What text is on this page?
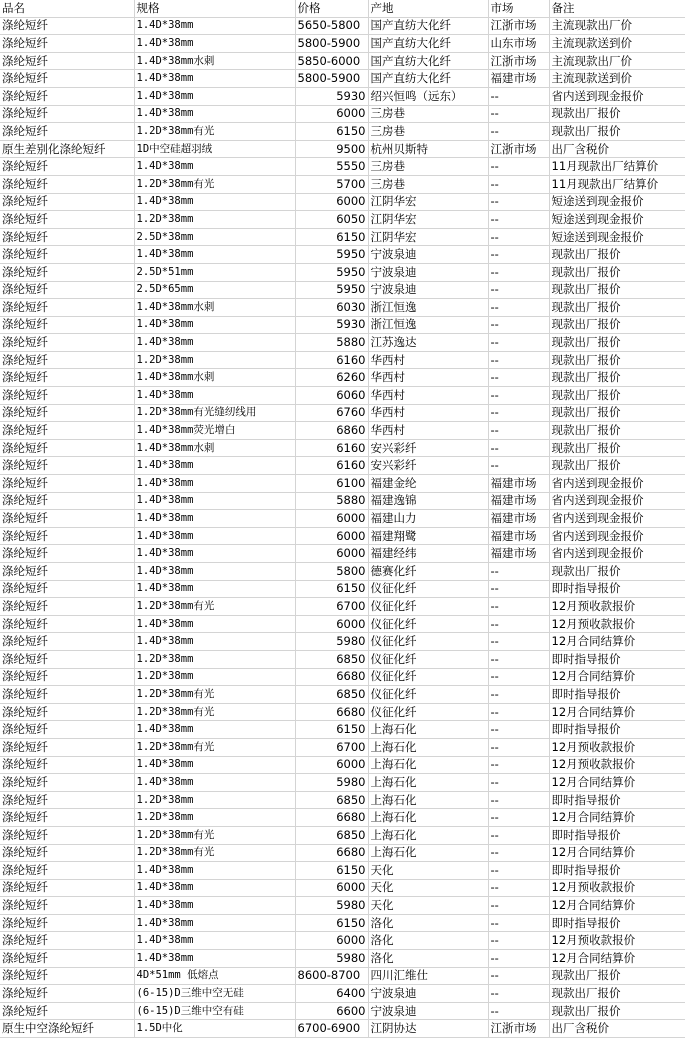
品名	规格	价格	产地	市场	备注
涤纶短纤	1.4D*38mm	5650-5800	国产直纺大化纤	江浙市场	主流现款出厂价
涤纶短纤	1.4D*38mm	5800-5900	国产直纺大化纤	山东市场	主流现款送到价
涤纶短纤	1.4D*38mm水刺	5850-6000	国产直纺大化纤	江浙市场	主流现款出厂价
涤纶短纤	1.4D*38mm	5800-5900	国产直纺大化纤	福建市场	主流现款送到价
涤纶短纤	1.4D*38mm	5930	绍兴恒鸣（远东）	--	省内送到现金报价
涤纶短纤	1.4D*38mm	6000	三房巷	--	现款出厂报价
涤纶短纤	1.2D*38mm有光	6150	三房巷	--	现款出厂报价
原生差别化涤纶短纤	1D中空硅超羽绒	9500	杭州贝斯特	江浙市场	出厂含税价
涤纶短纤	1.4D*38mm	5550	三房巷	--	11月现款出厂结算价
涤纶短纤	1.2D*38mm有光	5700	三房巷	--	11月现款出厂结算价
涤纶短纤	1.4D*38mm	6000	江阴华宏	--	短途送到现金报价
涤纶短纤	1.2D*38mm	6050	江阴华宏	--	短途送到现金报价
涤纶短纤	2.5D*38mm	6150	江阴华宏	--	短途送到现金报价
涤纶短纤	1.4D*38mm	5950	宁波泉迪	--	现款出厂报价
涤纶短纤	2.5D*51mm	5950	宁波泉迪	--	现款出厂报价
涤纶短纤	2.5D*65mm	5950	宁波泉迪	--	现款出厂报价
涤纶短纤	1.4D*38mm水刺	6030	浙江恒逸	--	现款出厂报价
涤纶短纤	1.4D*38mm	5930	浙江恒逸	--	现款出厂报价
涤纶短纤	1.4D*38mm	5880	江苏逸达	--	现款出厂报价
涤纶短纤	1.2D*38mm	6160	华西村	--	现款出厂报价
涤纶短纤	1.4D*38mm水刺	6260	华西村	--	现款出厂报价
涤纶短纤	1.4D*38mm	6060	华西村	--	现款出厂报价
涤纶短纤	1.2D*38mm有光缝纫线用	6760	华西村	--	现款出厂报价
涤纶短纤	1.4D*38mm荧光增白	6860	华西村	--	现款出厂报价
涤纶短纤	1.4D*38mm水刺	6160	安兴彩纤	--	现款出厂报价
涤纶短纤	1.4D*38mm	6160	安兴彩纤	--	现款出厂报价
涤纶短纤	1.4D*38mm	6100	福建金纶	福建市场	省内送到现金报价
涤纶短纤	1.4D*38mm	5880	福建逸锦	福建市场	省内送到现金报价
涤纶短纤	1.4D*38mm	6000	福建山力	福建市场	省内送到现金报价
涤纶短纤	1.4D*38mm	6000	福建翔鹭	福建市场	省内送到现金报价
涤纶短纤	1.4D*38mm	6000	福建经纬	福建市场	省内送到现金报价
涤纶短纤	1.4D*38mm	5800	德赛化纤	--	现款出厂报价
涤纶短纤	1.4D*38mm	6150	仪征化纤	--	即时指导报价
涤纶短纤	1.2D*38mm有光	6700	仪征化纤	--	12月预收款报价
涤纶短纤	1.4D*38mm	6000	仪征化纤	--	12月预收款报价
涤纶短纤	1.4D*38mm	5980	仪征化纤	--	12月合同结算价
涤纶短纤	1.2D*38mm	6850	仪征化纤	--	即时指导报价
涤纶短纤	1.2D*38mm	6680	仪征化纤	--	12月合同结算价
涤纶短纤	1.2D*38mm有光	6850	仪征化纤	--	即时指导报价
涤纶短纤	1.2D*38mm有光	6680	仪征化纤	--	12月合同结算价
涤纶短纤	1.4D*38mm	6150	上海石化	--	即时指导报价
涤纶短纤	1.2D*38mm有光	6700	上海石化	--	12月预收款报价
涤纶短纤	1.4D*38mm	6000	上海石化	--	12月预收款报价
涤纶短纤	1.4D*38mm	5980	上海石化	--	12月合同结算价
涤纶短纤	1.2D*38mm	6850	上海石化	--	即时指导报价
涤纶短纤	1.2D*38mm	6680	上海石化	--	12月合同结算价
涤纶短纤	1.2D*38mm有光	6850	上海石化	--	即时指导报价
涤纶短纤	1.2D*38mm有光	6680	上海石化	--	12月合同结算价
涤纶短纤	1.4D*38mm	6150	天化	--	即时指导报价
涤纶短纤	1.4D*38mm	6000	天化	--	12月预收款报价
涤纶短纤	1.4D*38mm	5980	天化	--	12月合同结算价
涤纶短纤	1.4D*38mm	6150	洛化	--	即时指导报价
涤纶短纤	1.4D*38mm	6000	洛化	--	12月预收款报价
涤纶短纤	1.4D*38mm	5980	洛化	--	12月合同结算价
涤纶短纤	4D*51mm 低熔点	8600-8700	四川汇维仕	--	现款出厂报价
涤纶短纤	(6-15)D三维中空无硅	6400	宁波泉迪	--	现款出厂报价
涤纶短纤	(6-15)D三维中空有硅	6600	宁波泉迪	--	现款出厂报价
原生中空涤纶短纤	1.5D中化	6700-6900	江阴协达	江浙市场	出厂含税价
